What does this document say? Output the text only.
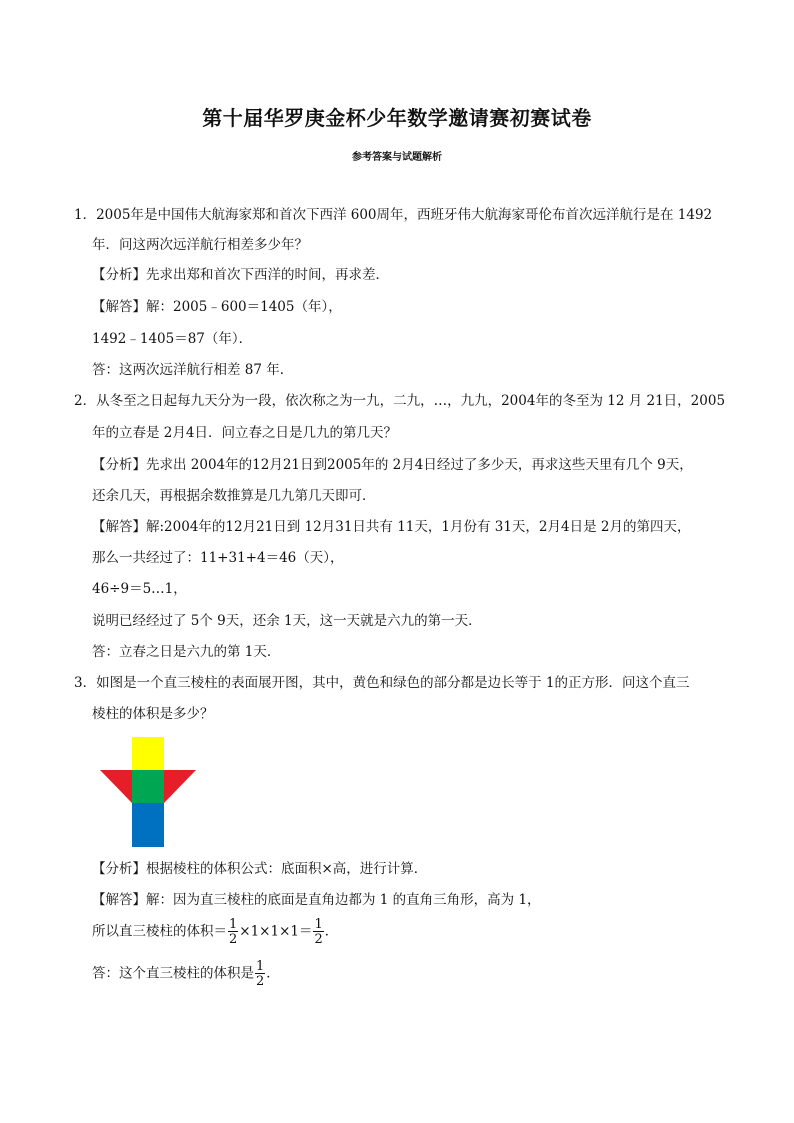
第十届华罗庚金杯少年数学邀请赛初赛试卷
参考答案与试题解析
1．2005年是中国伟大航海家郑和首次下西洋 600周年，西班牙伟大航海家哥伦布首次远洋航行是在 1492
年．问这两次远洋航行相差多少年？
【分析】先求出郑和首次下西洋的时间，再求差．
【解答】解：2005﹣600＝1405（年），
1492﹣1405＝87（年）．
答：这两次远洋航行相差 87 年．
2．从冬至之日起每九天分为一段，依次称之为一九，二九，…，九九，2004年的冬至为 12 月 21日，2005
年的立春是 2月4日．问立春之日是几九的第几天？
【分析】先求出 2004年的12月21日到2005年的 2月4日经过了多少天，再求这些天里有几个 9天，
还余几天，再根据余数推算是几九第几天即可．
【解答】解:2004年的12月21日到 12月31日共有 11天，1月份有 31天，2月4日是 2月的第四天，
那么一共经过了：11+31+4＝46（天），
46÷9＝5…1，
说明已经经过了 5个 9天，还余 1天，这一天就是六九的第一天．
答：立春之日是六九的第 1天．
3．如图是一个直三棱柱的表面展开图，其中，黄色和绿色的部分都是边长等于 1的正方形．问这个直三
棱柱的体积是多少？
【分析】根据棱柱的体积公式：底面积×高，进行计算．
【解答】解：因为直三棱柱的底面是直角边都为 1 的直角三角形，高为 1，
所以直三棱柱的体积＝ $\frac{1}{2} \times 1\times 1\times 1= \frac{1}{2}$ ．
答：这个直三棱柱的体积是 $\frac{1}{2}$ ．
